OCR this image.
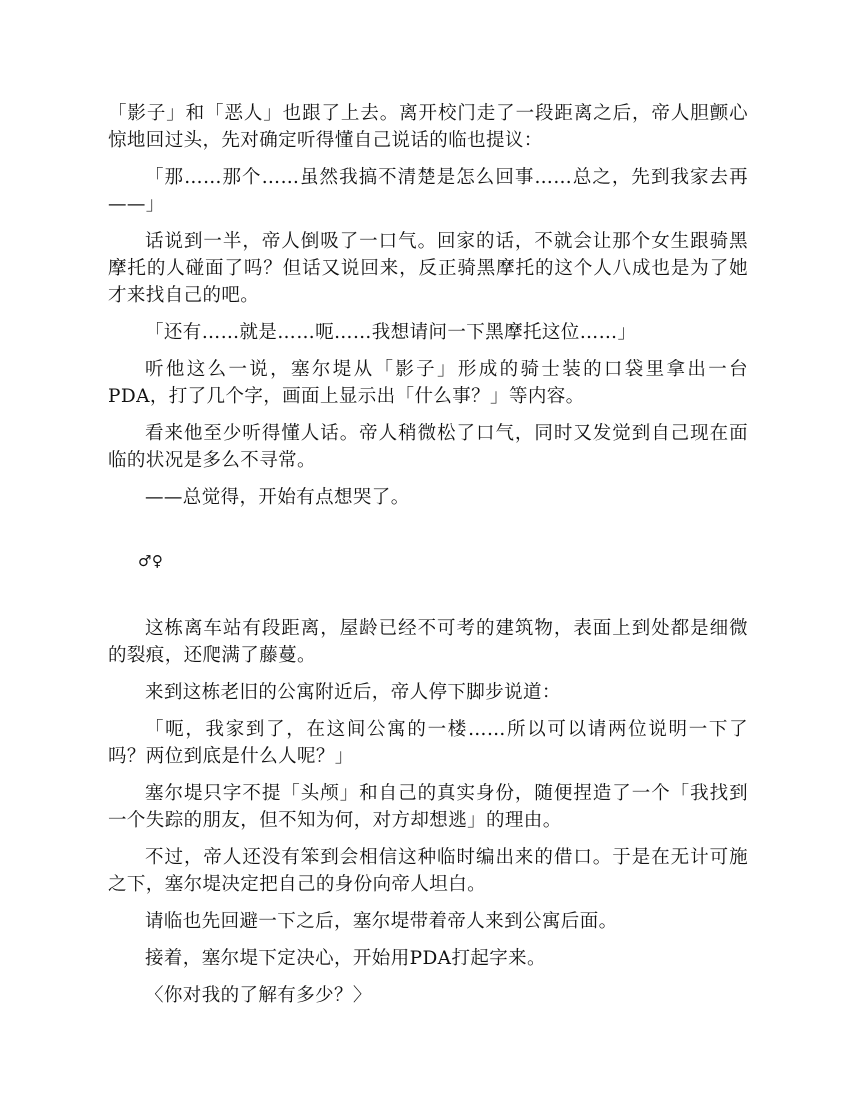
「影子」和「恶人」也跟了上去。离开校门走了一段距离之后，帝人胆颤心惊地回过头，先对确定听得懂自己说话的临也提议：

「那……那个……虽然我搞不清楚是怎么回事……总之，先到我家去再——」

话说到一半，帝人倒吸了一口气。回家的话，不就会让那个女生跟骑黑摩托的人碰面了吗？但话又说回来，反正骑黑摩托的这个人八成也是为了她才来找自己的吧。

「还有……就是……呃……我想请问一下黑摩托这位……」

听他这么一说，塞尔堤从「影子」形成的骑士装的口袋里拿出一台PDA，打了几个字，画面上显示出「什么事？」等内容。

看来他至少听得懂人话。帝人稍微松了口气，同时又发觉到自己现在面临的状况是多么不寻常。

——总觉得，开始有点想哭了。

♂♀

这栋离车站有段距离，屋龄已经不可考的建筑物，表面上到处都是细微的裂痕，还爬满了藤蔓。

来到这栋老旧的公寓附近后，帝人停下脚步说道：

「呃，我家到了，在这间公寓的一楼……所以可以请两位说明一下了吗？两位到底是什么人呢？」

塞尔堤只字不提「头颅」和自己的真实身份，随便捏造了一个「我找到一个失踪的朋友，但不知为何，对方却想逃」的理由。

不过，帝人还没有笨到会相信这种临时编出来的借口。于是在无计可施之下，塞尔堤决定把自己的身份向帝人坦白。

请临也先回避一下之后，塞尔堤带着帝人来到公寓后面。

接着，塞尔堤下定决心，开始用PDA打起字来。

〈你对我的了解有多少？〉
